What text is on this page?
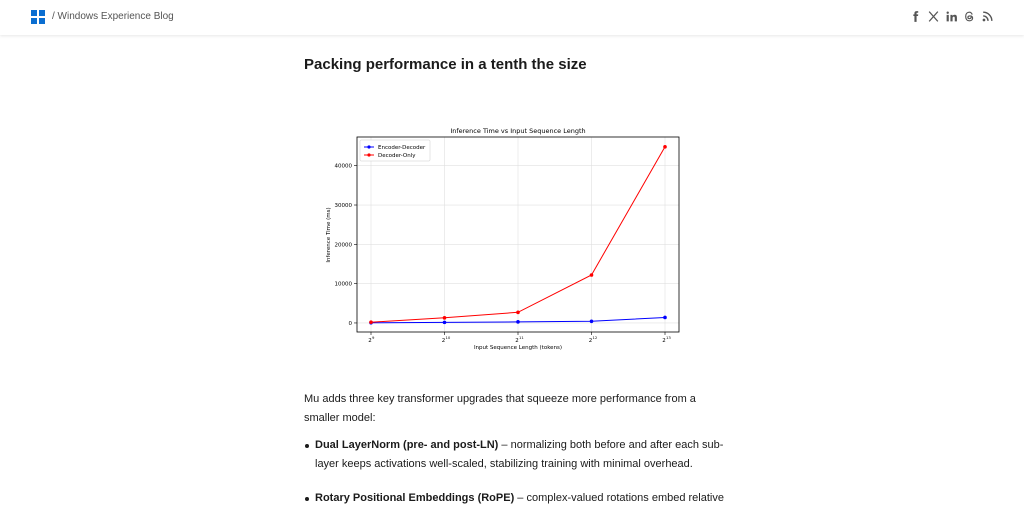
/ Windows Experience Blog
Packing performance in a tenth the size
Inference Time vs Input Sequence Length
0
10000
20000
30000
40000
2
9
2
10
2
11
2
12
2
13
Input Sequence Length (tokens)
Inference Time (ms)
Encoder-Decoder
Decoder-Only

Mu adds three key transformer upgrades that squeeze more performance from a smaller model:

Dual LayerNorm (pre- and post-LN) – normalizing both before and after each sub-layer keeps activations well-scaled, stabilizing training with minimal overhead.
Rotary Positional Embeddings (RoPE) – complex-valued rotations embed relative
